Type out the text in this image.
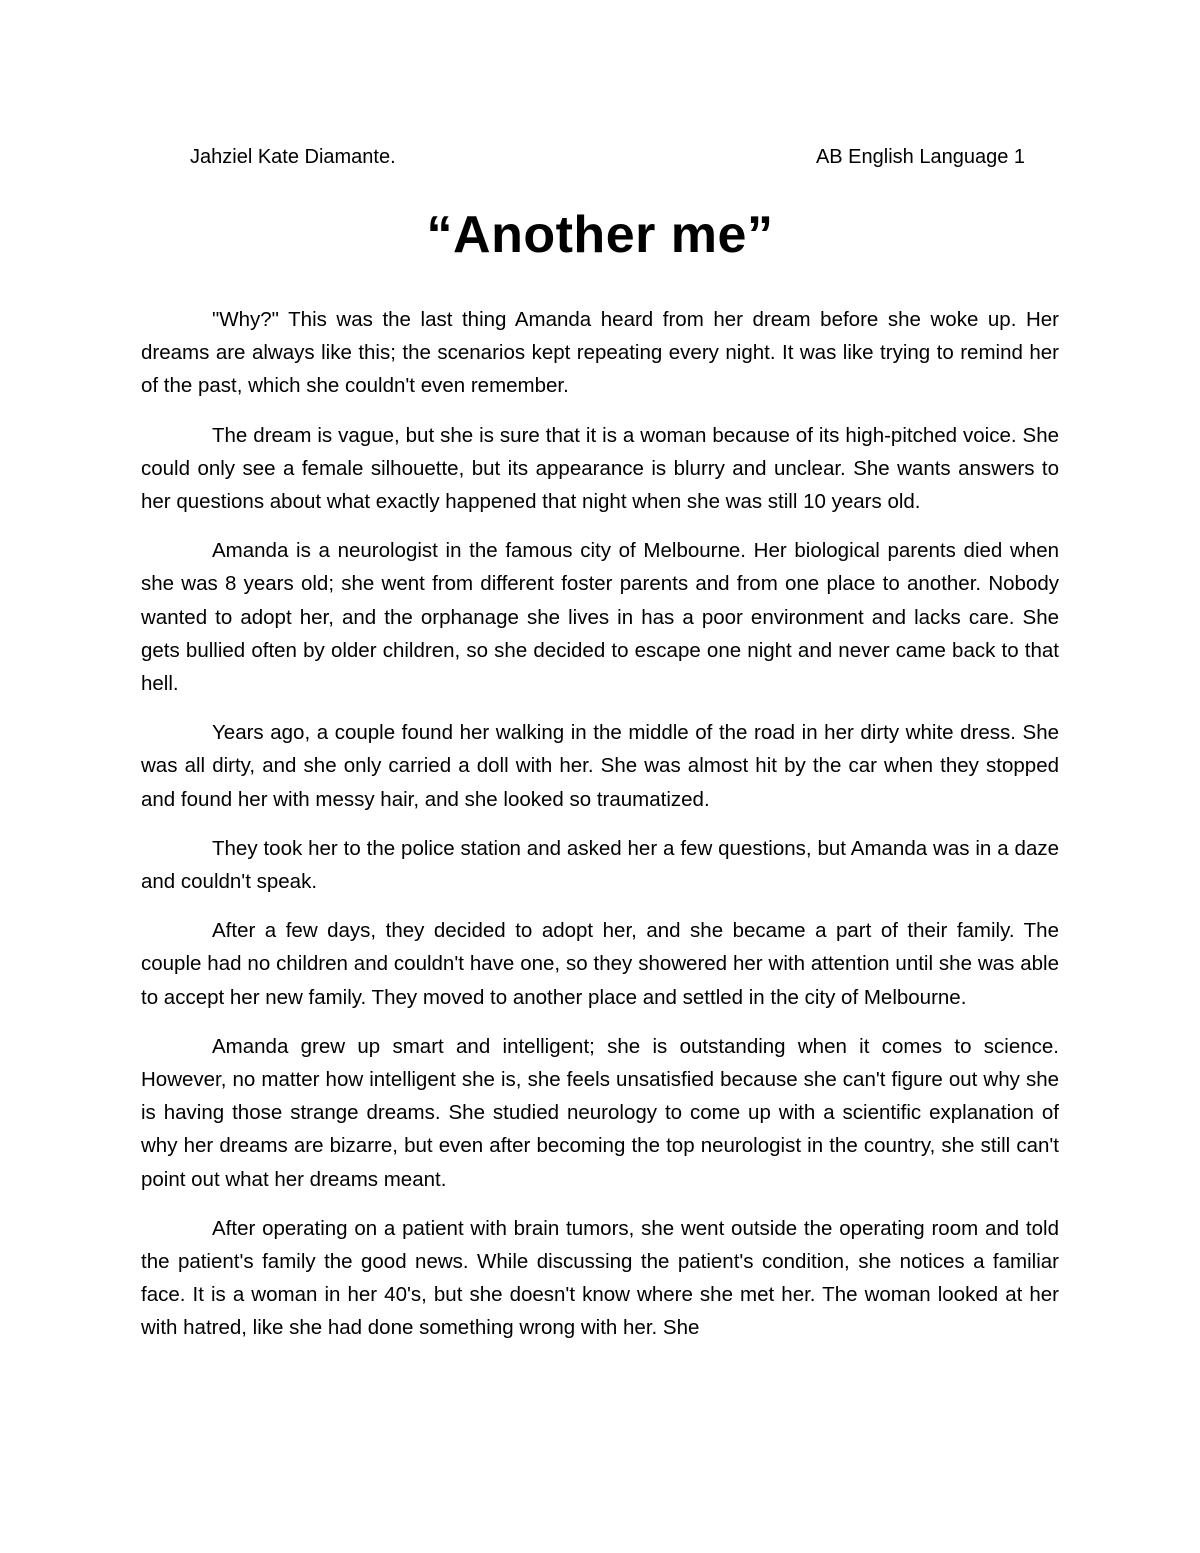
Jahziel Kate Diamante.	AB English Language 1
“Another me”

"Why?" This was the last thing Amanda heard from her dream before she woke up. Her dreams are always like this; the scenarios kept repeating every night. It was like trying to remind her of the past, which she couldn't even remember.

The dream is vague, but she is sure that it is a woman because of its high-pitched voice. She could only see a female silhouette, but its appearance is blurry and unclear. She wants answers to her questions about what exactly happened that night when she was still 10 years old.

Amanda is a neurologist in the famous city of Melbourne. Her biological parents died when she was 8 years old; she went from different foster parents and from one place to another. Nobody wanted to adopt her, and the orphanage she lives in has a poor environment and lacks care. She gets bullied often by older children, so she decided to escape one night and never came back to that hell.

Years ago, a couple found her walking in the middle of the road in her dirty white dress. She was all dirty, and she only carried a doll with her. She was almost hit by the car when they stopped and found her with messy hair, and she looked so traumatized.

They took her to the police station and asked her a few questions, but Amanda was in a daze and couldn't speak.

After a few days, they decided to adopt her, and she became a part of their family. The couple had no children and couldn't have one, so they showered her with attention until she was able to accept her new family. They moved to another place and settled in the city of Melbourne.

Amanda grew up smart and intelligent; she is outstanding when it comes to science. However, no matter how intelligent she is, she feels unsatisfied because she can't figure out why she is having those strange dreams. She studied neurology to come up with a scientific explanation of why her dreams are bizarre, but even after becoming the top neurologist in the country, she still can't point out what her dreams meant.

After operating on a patient with brain tumors, she went outside the operating room and told the patient's family the good news. While discussing the patient's condition, she notices a familiar face. It is a woman in her 40's, but she doesn't know where she met her. The woman looked at her with hatred, like she had done something wrong with her. She
